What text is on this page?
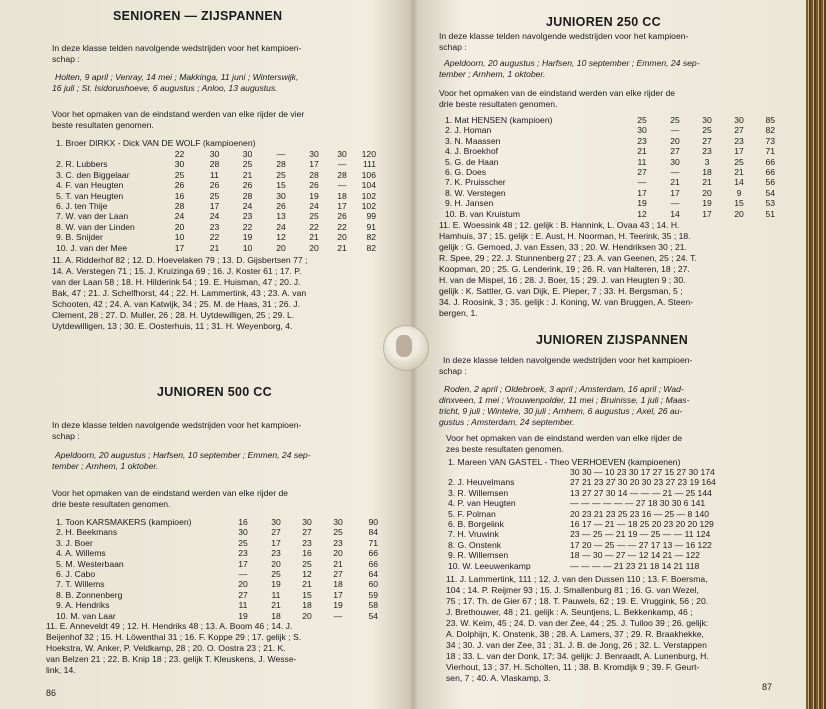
SENIOREN — ZIJSPANNEN
In deze klasse telden navolgende wedstrijden voor het kampioen-
schap :
Holten, 9 april ; Venray, 14 mei ; Makkinga, 11 juni ; Winterswijk,
16 juli ; St. Isidorushoeve, 6 augustus ; Anloo, 13 augustus.
Voor het opmaken van de eindstand werden van elke rijder de vier
beste resultaten genomen.
1. Broer DIRKX - Dick VAN DE WOLF (kampioenen)
	22	30	30	—	30	30	120
2. R. Lubbers	30	28	25	28	17	—	111
3. C. den Biggelaar	25	11	21	25	28	28	106
4. F. van Heugten	26	26	26	15	26	—	104
5. T. van Heugten	16	25	28	30	19	18	102
6. J. ten Thije	28	17	24	26	24	17	102
7. W. van der Laan	24	24	23	13	25	26	99
8. W. van der Linden	20	23	22	24	22	22	91
9. B. Snijder	10	22	19	12	21	20	82
10. J. van der Mee	17	21	10	20	20	21	82
11. A. Ridderhof 82 ; 12. D. Hoevelaken 79 ; 13. D. Gijsbertsen 77 ;
14. A. Verstegen 71 ; 15. J. Kruizinga 69 ; 16. J. Koster 61 ; 17. P.
van der Laan 58 ; 18. H. Hilderink 54 ; 19. E. Huisman, 47 ; 20. J.
Bak, 47 ; 21. J. Schelfhorst, 44 ; 22. H. Lammertink, 43 ; 23. A. van
Schooten, 42 ; 24. A. van Katwijk, 34 ; 25. M. de Haas, 31 ; 26. J.
Clement, 28 ; 27. D. Muller, 26 ; 28. H. Uytdewilligen, 25 ; 29. L.
Uytdewilligen, 13 ; 30. E. Oosterhuis, 11 ; 31. H. Weyenborg, 4.
JUNIOREN 500 CC
In deze klasse telden navolgende wedstrijden voor het kampioen-
schap :
Apeldoorn, 20 augustus ; Harfsen, 10 september ; Emmen, 24 sep-
tember ; Arnhem, 1 oktober.
Voor het opmaken van de eindstand werden van elke rijder de
drie beste resultaten genomen.
1. Toon KARSMAKERS (kampioen)	16	30	30	30	90
2. H. Beekmans	30	27	27	25	84
3. J. Boer	25	17	23	23	71
4. A. Willems	23	23	16	20	66
5. M. Westerbaan	17	20	25	21	66
6. J. Cabo	—	25	12	27	64
7. T. Willems	20	19	21	18	60
8. B. Zonnenberg	27	11	15	17	59
9. A. Hendriks	11	21	18	19	58
10. M. van Laar	19	18	20	—	54
11. E. Anneveldt 49 ; 12. H. Hendriks 48 ; 13. A. Boom 46 ; 14. J.
Beijenhof 32 ; 15. H. Löwenthal 31 ; 16. F. Koppe 29 ; 17. gelijk ; S.
Hoekstra, W. Anker, P. Veldkamp, 28 ; 20. O. Oostra 23 ; 21. K.
van Belzen 21 ; 22. B. Knip 18 ; 23. gelijk T. Kleuskens, J. Wesse-
link, 14.
86
JUNIOREN 250 CC
In deze klasse telden navolgende wedstrijden voor het kampioen-
schap :
Apeldoorn, 20 augustus ; Harfsen, 10 september ; Emmen, 24 sep-
tember ; Arnhem, 1 oktober.
Voor het opmaken van de eindstand werden van elke rijder de
drie beste resultaten genomen.
1. Mat HENSEN (kampioen)	25	25	30	30	85
2. J. Homan	30	—	25	27	82
3. N. Maassen	23	20	27	23	73
4. J. Broekhof	21	27	23	17	71
5. G. de Haan	11	30	3	25	66
6. G. Does	27	—	18	21	66
7. K. Pruisscher	—	21	21	14	56
8. W. Verstegen	17	17	20	9	54
9. H. Jansen	19	—	19	15	53
10. B. van Kruistum	12	14	17	20	51
11. E. Woessink 48 ; 12. gelijk : B. Hannink, L. Ovaa 43 ; 14. H.
Hamhuis, 37 ; 15. gelijk : E. Aust, H. Noorman, H. Teerink, 35 ; 18.
gelijk : G. Gemoed, J. van Essen, 33 ; 20. W. Hendriksen 30 ; 21.
R. Spee, 29 ; 22. J. Stunnenberg 27 ; 23. A. van Geenen, 25 ; 24. T.
Koopman, 20 ; 25. G. Lenderink, 19 ; 26. R. van Halteren, 18 ; 27.
H. van de Mispel, 16 ; 28. J. Boer, 15 ; 29. J. van Heugten 9 ; 30.
gelijk : K. Sattler, G. van Dijk, E. Pieper, 7 ; 33. H. Bergsman, 5 ;
34. J. Roosink, 3 ; 35. gelijk : J. Koning, W. van Bruggen, A. Steen-
bergen, 1.
JUNIOREN ZIJSPANNEN
In deze klasse telden navolgende wedstrijden voor het kampioen-
schap :
Roden, 2 april ; Oldebroek, 3 april ; Amsterdam, 16 april ; Wad-
dinxveen, 1 mei ; Vrouwenpolder, 11 mei ; Bruinisse, 1 juli ; Maas-
tricht, 9 juli ; Wintelre, 30 juli ; Arnhem, 6 augustus ; Axel, 26 au-
gustus ; Amsterdam, 24 september.
Voor het opmaken van de eindstand werden van elke rijder de
zes beste resultaten genomen.
1. Mareen VAN GASTEL - Theo VERHOEVEN (kampioenen)
	30 30 — 10 23 30 17 27 15 27 30 174
2. J. Heuvelmans	27 21 23 27 30 20 30 23 27 23 19 164
3. R. Willemsen	13 27 27 30 14 — — — 21 — 25 144
4. P. van Heugten	— — — — — — 27 18 30 30 6 141
5. F. Polman	20 23 21 23 25 23 16 — 25 — 8 140
6. B. Borgelink	16 17 — 21 — 18 25 20 23 20 20 129
7. H. Vruwink	23 — 25 — 21 19 — 25 — — 11 124
8. G. Onstenk	17 20 — 25 — — 27 17 13 — 16 122
9. R. Willemsen	18 — 30 — 27 — 12 14 21 — 122
10. W. Leeuwenkamp	— — — — 21 23 21 18 14 21 118
11. J. Lammertink, 111 ; 12. J. van den Dussen 110 ; 13. F. Boersma,
104 ; 14. P. Reijmer 93 ; 15. J. Smallenburg 81 ; 16. G. van Wezel,
75 ; 17. Th. de Gier 67 ; 18. T. Pauwels, 62 ; 19. E. Vruggink, 56 ; 20.
J. Brethouwer, 48 ; 21. gelijk : A. Seuntjens, L. Bekkenkamp, 46 ;
23. W. Keim, 45 ; 24. D. van der Zee, 44 ; 25. J. Tuiloo 39 ; 26. gelijk:
A. Dolphijn, K. Onstenk, 38 ; 28. A. Lamers, 37 ; 29. R. Braakhekke,
34 ; 30. J. van der Zee, 31 ; 31. J. B. de Jong, 26 ; 32. L. Verstappen
18 ; 33. L. van der Donk, 17; 34. gelijk: J. Benraadt, A. Lunenburg, H.
Vierhout, 13 ; 37. H. Scholten, 11 ; 38. B. Kromdijk 9 ; 39. F. Geurt-
sen, 7 ; 40. A. Vlaskamp, 3.
87
